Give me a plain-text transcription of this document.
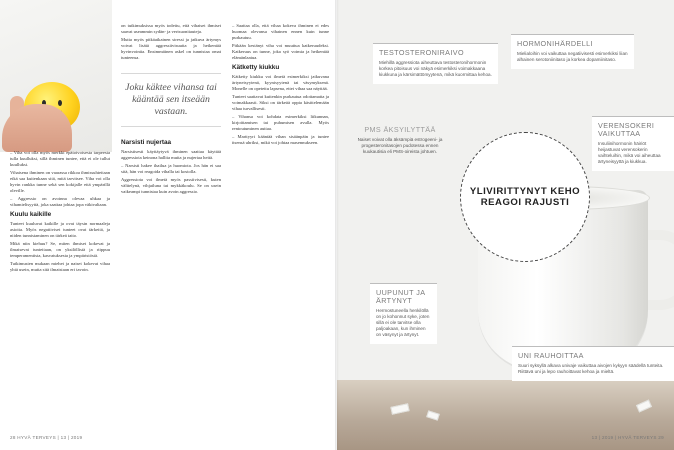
– Viha voi olla myös merkki epätoivoisesta tarpeesta tulla kuulluksi, sillä ihminen tuntee, että ei ole tullut kuulluksi.

Vihaisena ihminen on vaarassa rikkoa ihmissuhteitaan eikä saa kuitenkaan sitä, mitä tarvitsee. Viha voi olla hyvin rankka tunne sekä sen kokijalle että ympärillä oleville.

– Aggressio on avoinna olevaa uhkaa ja vihamielisyyttä, joka saattaa johtaa jopa väkivaltaan.

Kuulu kaikille

Tunteet kuuluvat kaikille ja ovat täysin normaaleja asioita. Myös negatiiviset tunteet ovat tärkeitä, ja niiden tunnistaminen on tärkeä taito.

Mikä niin kiehuu? Se, miten ihmiset kokevat ja ilmaisevat tunteitaan, on yksilöllistä ja riippuu temperamentista, kasvatuksesta ja ympäristöstä.

Tutkimusten mukaan miehet ja naiset kokevat vihaa yhtä usein, mutta sitä ilmaistaan eri tavoin.

on tutkimuksissa myös todettu, että vihaiset ihmiset saavat useammin sydän- ja verisuonitauteja.

Mutta myös pitkäaikainen stressi ja jatkuva ärtymys voivat lisätä aggressiivisuutta ja heikentää hyvinvointia. Ensimmäinen askel on tunnistaa omat tunteensa.

Joku käktee vihansa tai kääntää sen itseään vastaan.
Narsisti nujertaa

Narsistisesti käyttäytyvä ihminen saattaa käyttää aggressiota keinona hallita muita ja nujertaa heitä.

– Narsisti hakee ihailua ja huomiota. Jos hän ei saa sitä, hän voi reagoida vihalla tai kostolla.

Aggressiota voi ilmetä myös passiivisesti, kuten välttelynä, vihjailuna tai mykkäkoulu. Se on usein vaikeampi tunnistaa kuin avoin aggressio.

– Saattaa olla, että vihaa kokeva ihminen ei edes huomaa olevansa vihainen ennen kuin tunne purkautuu.

Pitkään kestänyt viha voi muuttua katkeruudeksi. Katkeruus on tunne, joka syö voimia ja heikentää elämänlaatua.

Kätketty kiukku

Kätketty kiukku voi ilmetä esimerkiksi jatkuvana ärtyneisyytenä, kyynisyytenä tai väsymyksenä. Monelle on opetettu lapsena, ettei vihaa saa näyttää.

Tunteet saattavat kuitenkin purkautua odottamatta ja voimakkaasti. Siksi on tärkeää oppia käsittelemään vihaa turvallisesti.

– Vihansa voi kohdata esimerkiksi liikunnan, kirjoittamisen tai puhumisen avulla. Myös rentoutuminen auttaa.

– Marttyyri kääntää vihan sisäänpäin ja tuntee itsensä uhriksi, mikä voi johtaa masennukseen.

28 HYVÄ TERVEYS | 13 | 2019
TESTOSTERONIRAIVO

Miehillä aggressiota aiheuttava testosteronihormonin korkea pitoisuus voi näkyä esimerkiksi voimakkaana kiukkuna ja kärsimättömyytenä, mikä kuormittaa kehoa.

HORMONIHÄRDELLI

Mielialoihin voi vaikuttaa negatiivisesti esimerkiksi liian alhainen serotoniinitaso ja korkea dopamiinitaso.

PMS ÄKSYILYTTÄÄ

Naiset voivat olla äksämpiä estrogeeni- ja progesteronitasojen pudotessa ennen kuukautisia eli PMS-oireista johtuen.

YLIVIRITTYNYT KEHO REAGOI RAJUSTI
VERENSOKERI VAIKUTTAA

Insuliinihormonin häiriöt heijastuvat verensokerin vaihteluihin, mikä voi aiheuttaa ärtyneisyyttä ja kiukkua.

UUPUNUT JA ÄRTYNYT

Hermostuneella henkilöllä on jo kohonnut syke, joten sillä ei ole tarvitse olla paljoakaan, kun ihminen on väsynyt ja ärtynyt.

UNI RAUHOITTAA

Suuri syksyllä alkava univaje vaikuttaa aivojen kykyyn säädellä tunteita. Riittävä uni ja lepo rauhoittavat kehoa ja mieltä.

13 | 2019 | HYVÄ TERVEYS 29
